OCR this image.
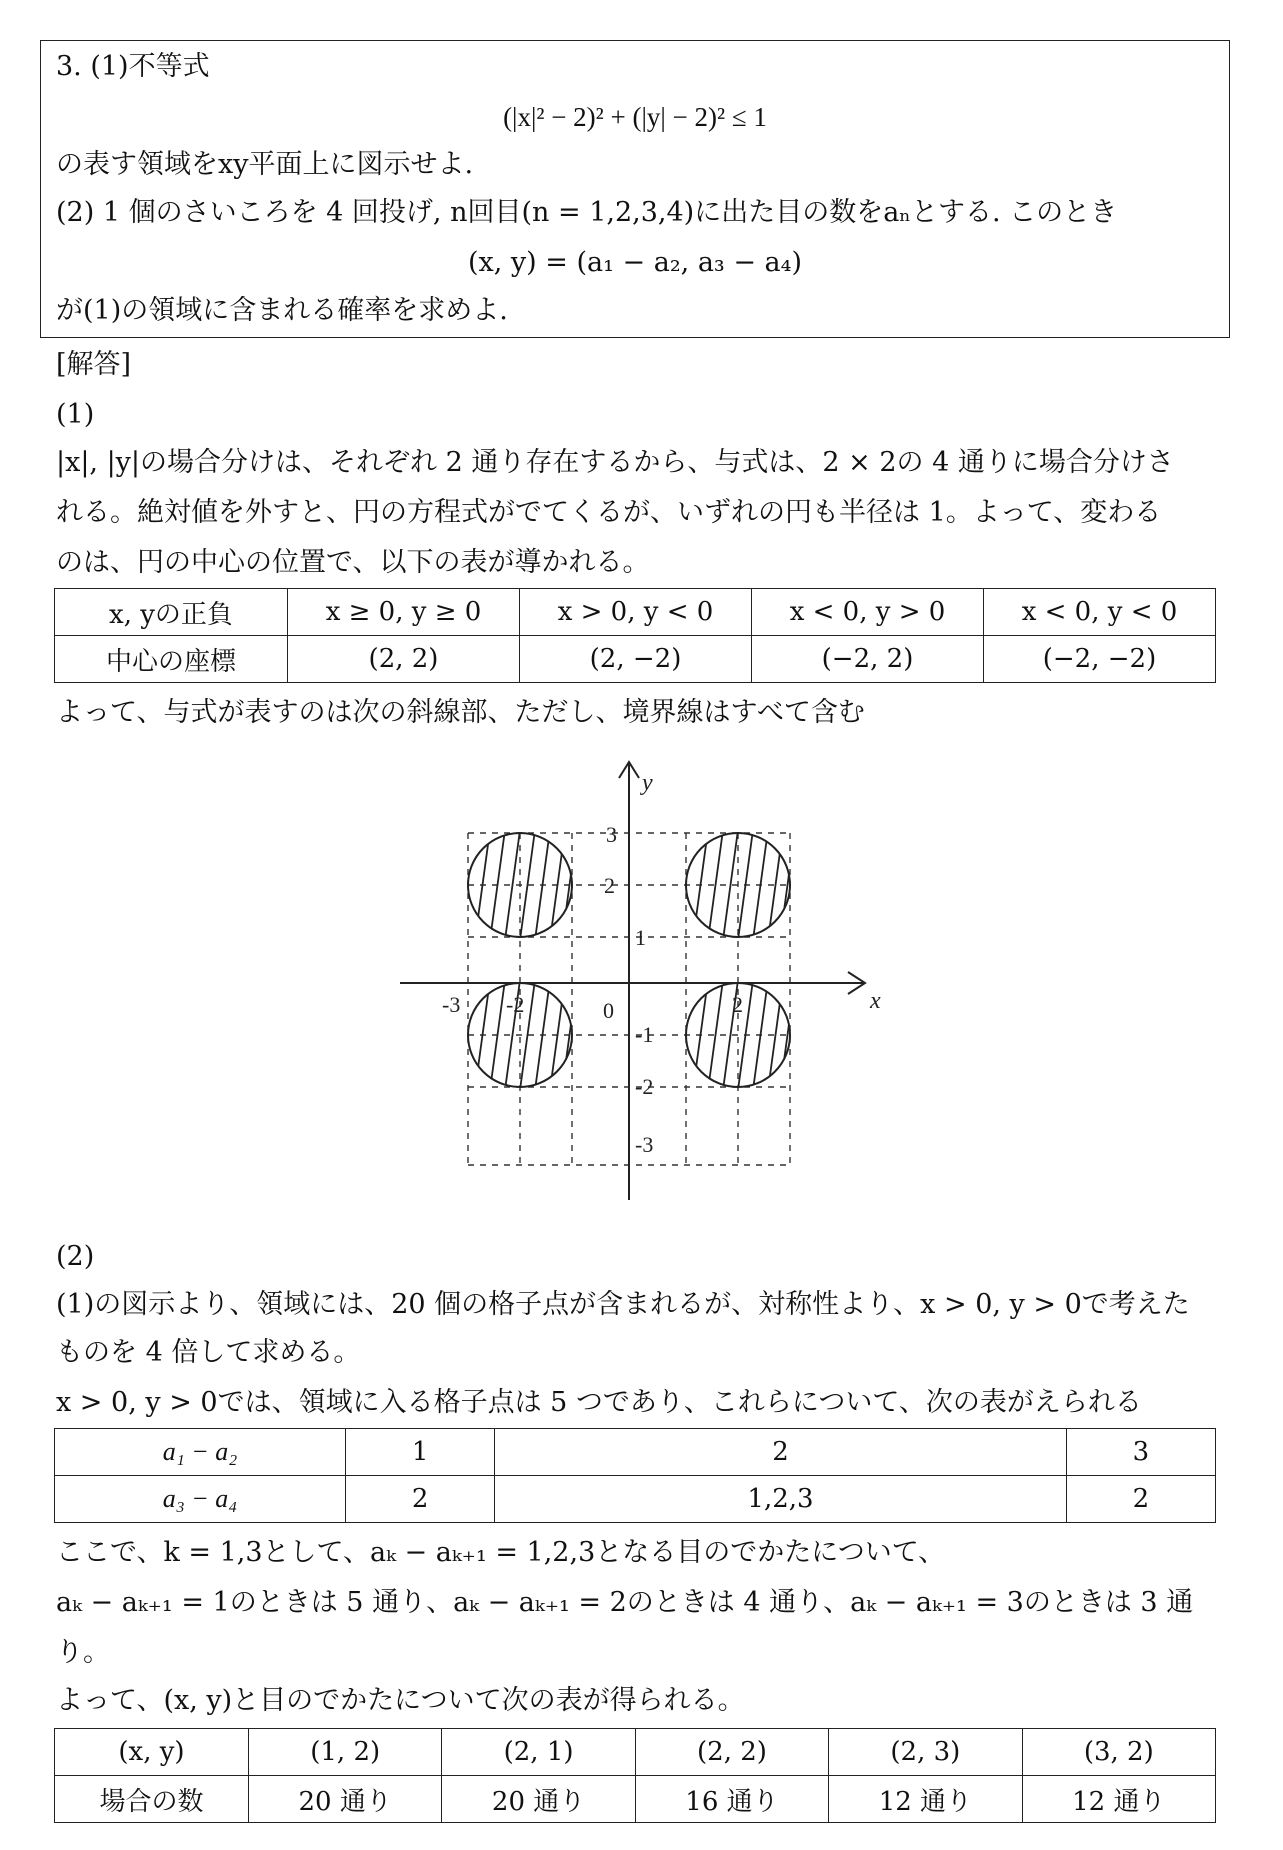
3. (1)不等式
(|x|² − 2)² + (|y| − 2)² ≤ 1
の表す領域をxy平面上に図示せよ.
(2) 1 個のさいころを 4 回投げ, n回目(n = 1,2,3,4)に出た目の数をaₙとする. このとき
(x, y) = (a₁ − a₂, a₃ − a₄)
が(1)の領域に含まれる確率を求めよ.
[解答]
(1)
|x|, |y|の場合分けは、それぞれ 2 通り存在するから、与式は、2 × 2の 4 通りに場合分けさ
れる。絶対値を外すと、円の方程式がでてくるが、いずれの円も半径は 1。よって、変わる
のは、円の中心の位置で、以下の表が導かれる。
x, yの正負	x ≥ 0, y ≥ 0	x > 0, y < 0	x < 0, y > 0	x < 0, y < 0
中心の座標	(2, 2)	(2, −2)	(−2, 2)	(−2, −2)
よって、与式が表すのは次の斜線部、ただし、境界線はすべて含む
y
x
0
3
2
1
-1
-2
-3
-3 -2	2
(2)
(1)の図示より、領域には、20 個の格子点が含まれるが、対称性より、x > 0, y > 0で考えた
ものを 4 倍して求める。
x > 0, y > 0では、領域に入る格子点は 5 つであり、これらについて、次の表がえられる
a₁ − a₂	1	2	3
a₃ − a₄	2	1,2,3	2
ここで、k = 1,3として、aₖ − aₖ₊₁ = 1,2,3となる目のでかたについて、
aₖ − aₖ₊₁ = 1のときは 5 通り、aₖ − aₖ₊₁ = 2のときは 4 通り、aₖ − aₖ₊₁ = 3のときは 3 通
り。
よって、(x, y)と目のでかたについて次の表が得られる。
(x, y)	(1, 2)	(2, 1)	(2, 2)	(2, 3)	(3, 2)
場合の数	20 通り	20 通り	16 通り	12 通り	12 通り
